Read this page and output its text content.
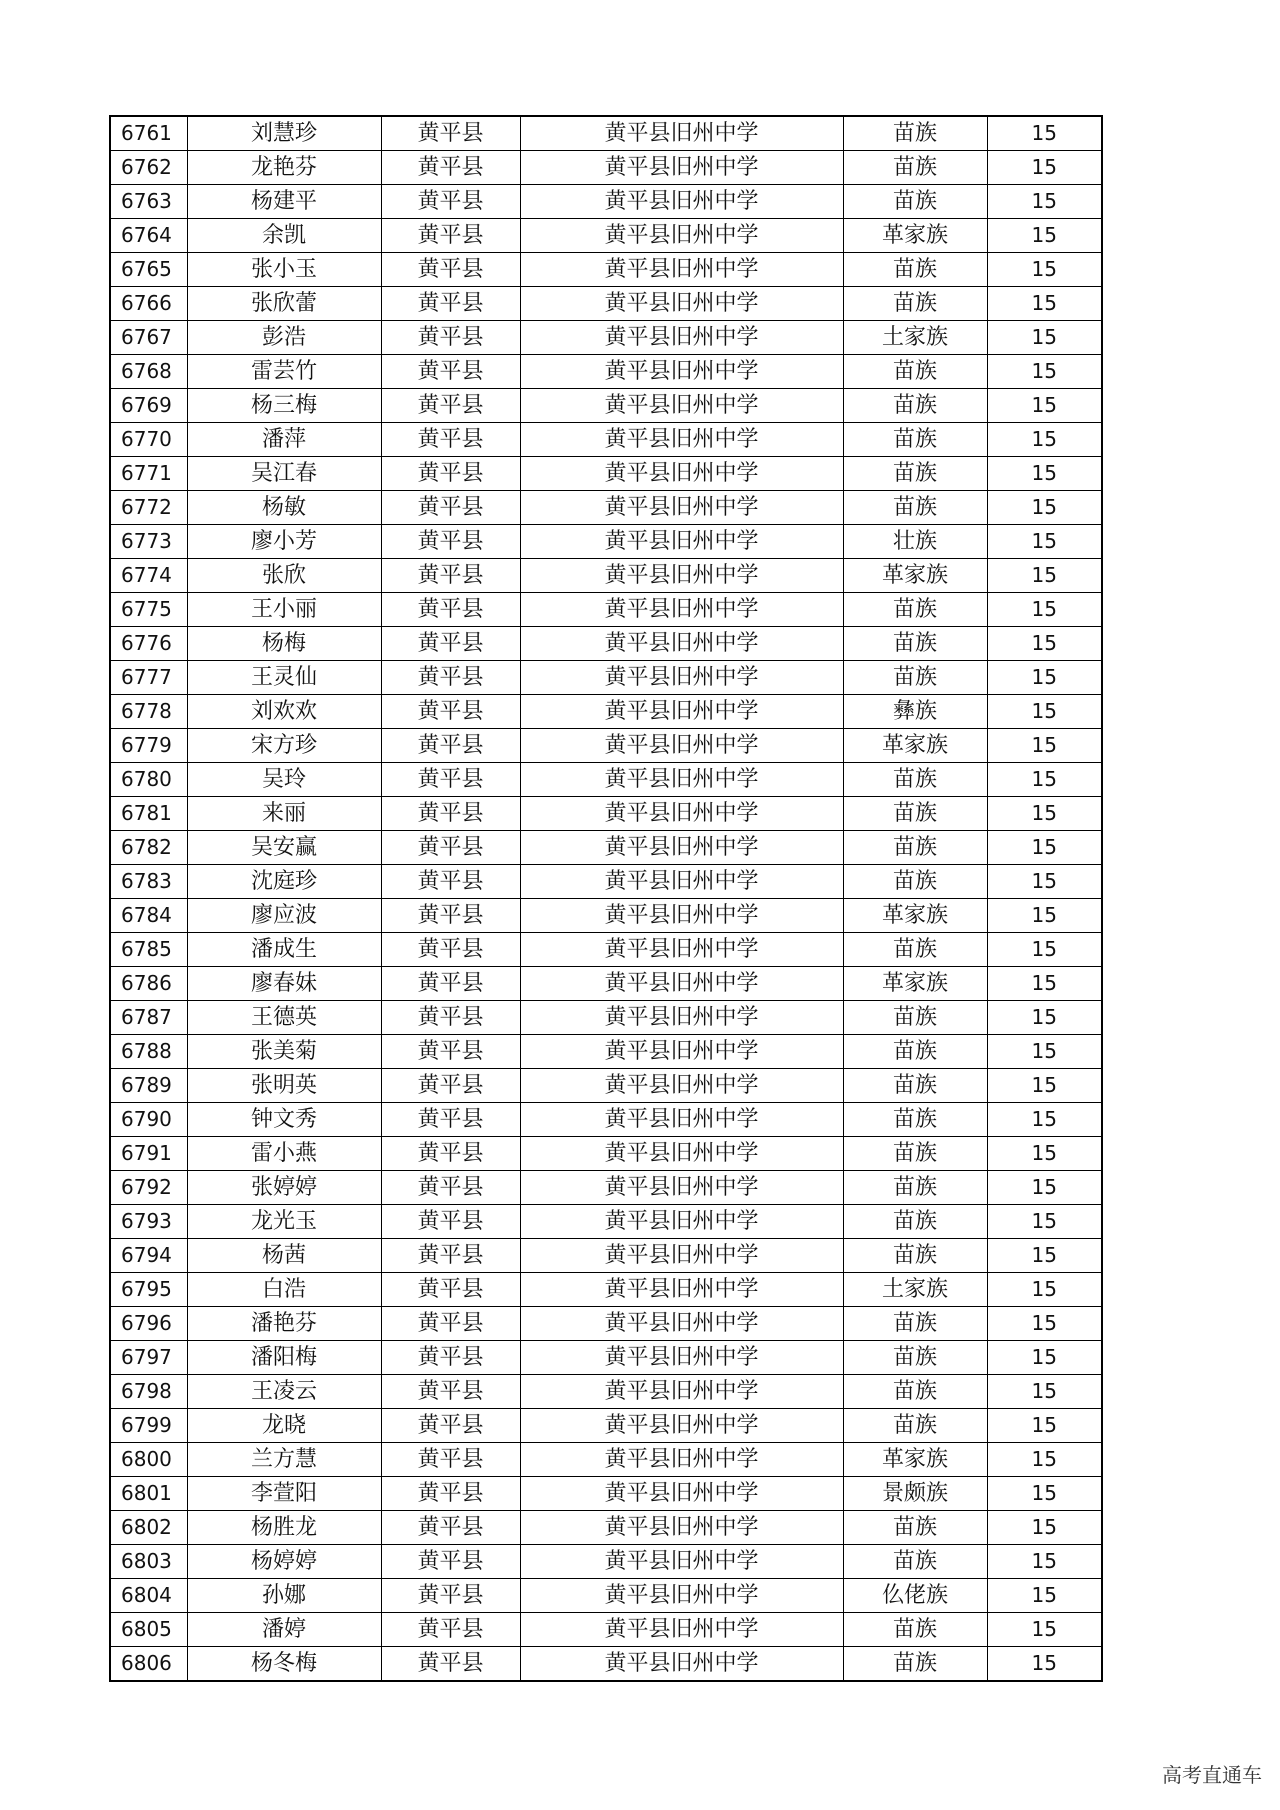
6761	刘慧珍	黄平县	黄平县旧州中学	苗族	15
6762	龙艳芬	黄平县	黄平县旧州中学	苗族	15
6763	杨建平	黄平县	黄平县旧州中学	苗族	15
6764	余凯	黄平县	黄平县旧州中学	革家族	15
6765	张小玉	黄平县	黄平县旧州中学	苗族	15
6766	张欣蕾	黄平县	黄平县旧州中学	苗族	15
6767	彭浩	黄平县	黄平县旧州中学	土家族	15
6768	雷芸竹	黄平县	黄平县旧州中学	苗族	15
6769	杨三梅	黄平县	黄平县旧州中学	苗族	15
6770	潘萍	黄平县	黄平县旧州中学	苗族	15
6771	吴江春	黄平县	黄平县旧州中学	苗族	15
6772	杨敏	黄平县	黄平县旧州中学	苗族	15
6773	廖小芳	黄平县	黄平县旧州中学	壮族	15
6774	张欣	黄平县	黄平县旧州中学	革家族	15
6775	王小丽	黄平县	黄平县旧州中学	苗族	15
6776	杨梅	黄平县	黄平县旧州中学	苗族	15
6777	王灵仙	黄平县	黄平县旧州中学	苗族	15
6778	刘欢欢	黄平县	黄平县旧州中学	彝族	15
6779	宋方珍	黄平县	黄平县旧州中学	革家族	15
6780	吴玲	黄平县	黄平县旧州中学	苗族	15
6781	来丽	黄平县	黄平县旧州中学	苗族	15
6782	吴安赢	黄平县	黄平县旧州中学	苗族	15
6783	沈庭珍	黄平县	黄平县旧州中学	苗族	15
6784	廖应波	黄平县	黄平县旧州中学	革家族	15
6785	潘成生	黄平县	黄平县旧州中学	苗族	15
6786	廖春妹	黄平县	黄平县旧州中学	革家族	15
6787	王德英	黄平县	黄平县旧州中学	苗族	15
6788	张美菊	黄平县	黄平县旧州中学	苗族	15
6789	张明英	黄平县	黄平县旧州中学	苗族	15
6790	钟文秀	黄平县	黄平县旧州中学	苗族	15
6791	雷小燕	黄平县	黄平县旧州中学	苗族	15
6792	张婷婷	黄平县	黄平县旧州中学	苗族	15
6793	龙光玉	黄平县	黄平县旧州中学	苗族	15
6794	杨茜	黄平县	黄平县旧州中学	苗族	15
6795	白浩	黄平县	黄平县旧州中学	土家族	15
6796	潘艳芬	黄平县	黄平县旧州中学	苗族	15
6797	潘阳梅	黄平县	黄平县旧州中学	苗族	15
6798	王凌云	黄平县	黄平县旧州中学	苗族	15
6799	龙晓	黄平县	黄平县旧州中学	苗族	15
6800	兰方慧	黄平县	黄平县旧州中学	革家族	15
6801	李萱阳	黄平县	黄平县旧州中学	景颇族	15
6802	杨胜龙	黄平县	黄平县旧州中学	苗族	15
6803	杨婷婷	黄平县	黄平县旧州中学	苗族	15
6804	孙娜	黄平县	黄平县旧州中学	仫佬族	15
6805	潘婷	黄平县	黄平县旧州中学	苗族	15
6806	杨冬梅	黄平县	黄平县旧州中学	苗族	15
高考直通车
